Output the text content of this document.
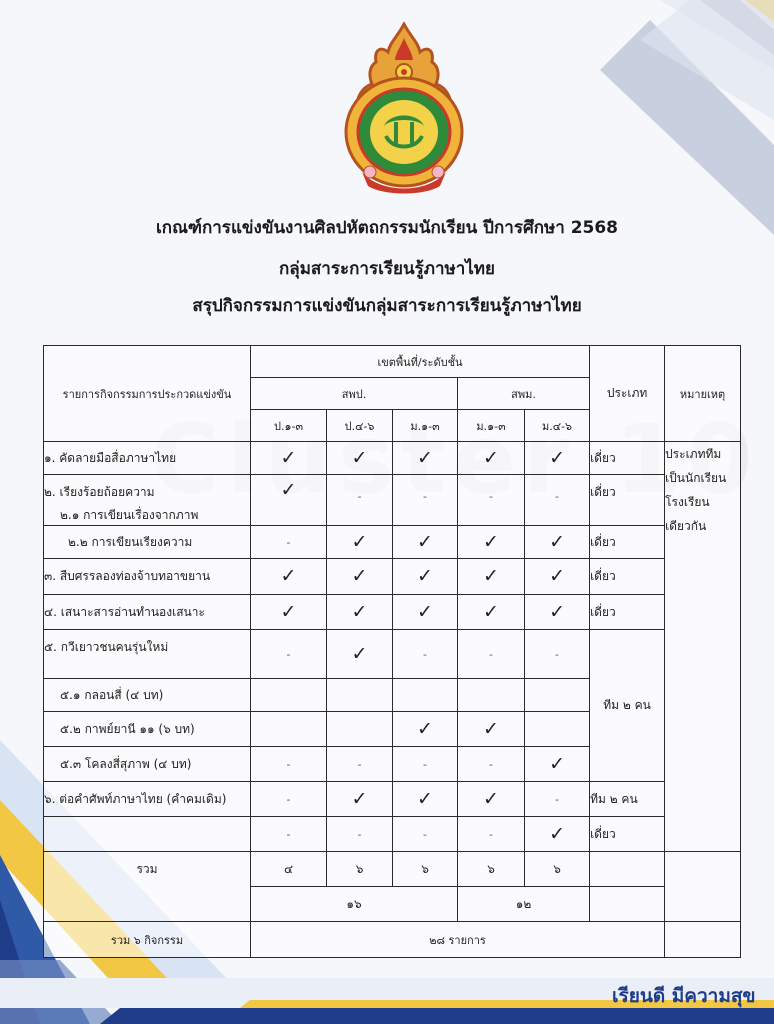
เกณฑ์การแข่งขันงานศิลปหัตถกรรมนักเรียน ปีการศึกษา 2568
กลุ่มสาระการเรียนรู้ภาษาไทย
สรุปกิจกรรมการแข่งขันกลุ่มสาระการเรียนรู้ภาษาไทย
รายการกิจกรรมการประกวดแข่งขัน	เขตพื้นที่/ระดับชั้น					ประเภท	หมายเหตุ
	สพป.			สพม.			
	ป.๑-๓	ป.๔-๖	ม.๑-๓	ม.๑-๓	ม.๔-๖		
๑. คัดลายมือสื่อภาษาไทย	✓	✓	✓	✓	✓	เดี่ยว	ประเภททีม
เป็นนักเรียน
โรงเรียน
เดียวกัน

๒. เรียงร้อยถ้อยความ
๒.๑ การเขียนเรื่องจากภาพ	✓	-	-	-	-	เดี่ยว	
๒.๒ การเขียนเรียงความ	-	✓	✓	✓	✓	เดี่ยว	
๓. สืบศรรลองท่องจ้าบทอาขยาน	✓	✓	✓	✓	✓	เดี่ยว	
๔. เสนาะสารอ่านทำนองเสนาะ	✓	✓	✓	✓	✓	เดี่ยว	
๕. กวีเยาวชนคนรุ่นใหม่	-	✓	-	-	-	ทีม ๒ คน	
๕.๑ กลอนสี่ (๔ บท)							
๕.๒ กาพย์ยานี ๑๑ (๖ บท)			✓	✓			
๕.๓ โคลงสี่สุภาพ (๔ บท)	-	-	-	-	✓		
๖. ต่อคำศัพท์ภาษาไทย (คำคมเดิม)	-	✓	✓	✓	-	ทีม ๒ คน	
	-	-	-	-	✓	เดี่ยว	
รวม	๔	๖	๖	๖	๖		
	๑๖			๑๒			
รวม ๖ กิจกรรม	๒๘ รายการ						
เรียนดี มีความสุข
